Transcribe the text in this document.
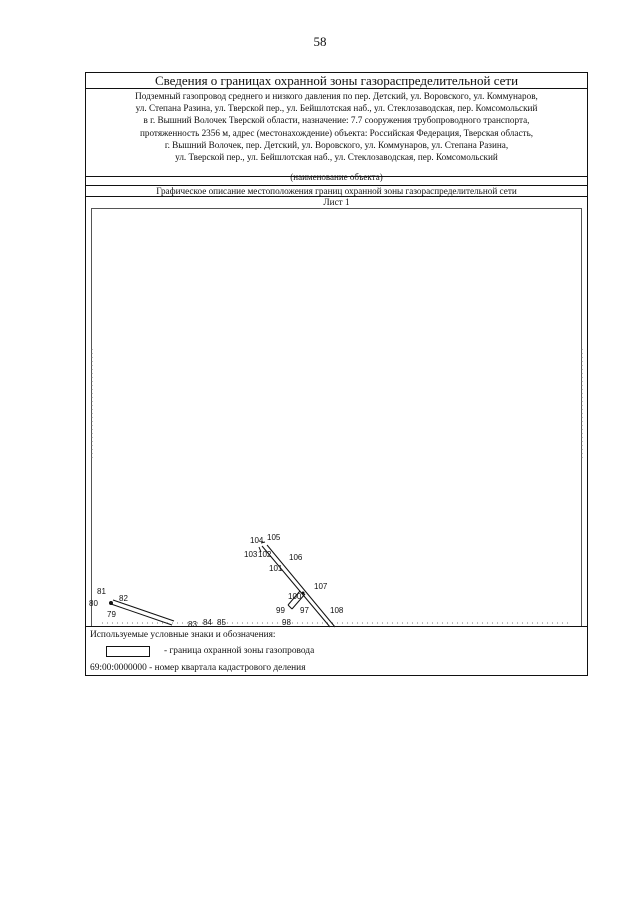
58
Сведения о границах охранной зоны газораспределительной сети
Подземный газопровод среднего и низкого давления по пер. Детский, ул. Воровского, ул. Коммунаров,
ул. Степана Разина, ул. Тверской пер., ул. Бейшлотская наб., ул. Стеклозаводская, пер. Комсомольский
в г. Вышний Волочек Тверской области, назначение: 7.7 сооружения трубопроводного транспорта,
протяженность 2356 м, адрес (местонахождение) объекта: Российская Федерация, Тверская область,
г. Вышний Волочек, пер. Детский, ул. Воровского, ул. Коммунаров, ул. Степана Разина,
ул. Тверской пер., ул. Бейшлотская наб., ул. Стеклозаводская, пер. Комсомольский
(наименование объекта)
Графическое описание местоположения границ охранной зоны газораспределительной сети
Лист 1
81
80
82
79
83 84 85
104 105
103 102 106
101
107
100
99 97	108
98
Используемые условные знаки и обозначения:
- граница охранной зоны газопровода
69:00:0000000 - номер квартала кадастрового деления
